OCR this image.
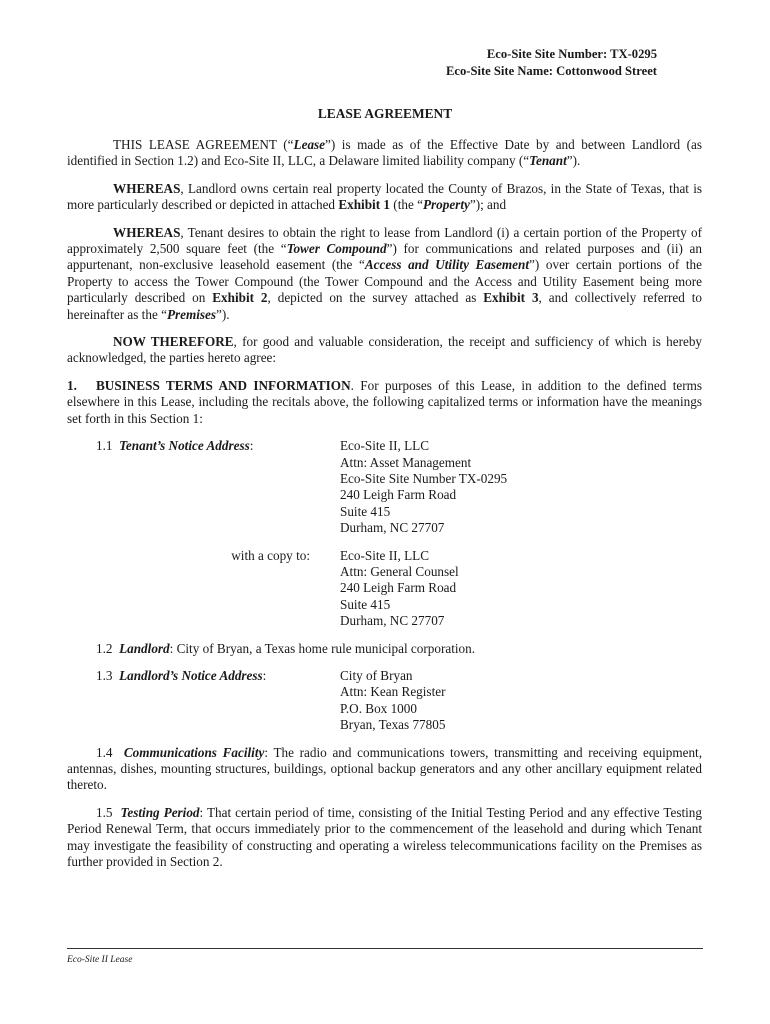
Eco-Site Site Number: TX-0295
Eco-Site Site Name: Cottonwood Street
LEASE AGREEMENT

THIS LEASE AGREEMENT (“Lease”) is made as of the Effective Date by and between Landlord (as identified in Section 1.2) and Eco-Site II, LLC, a Delaware limited liability company (“Tenant”).

WHEREAS, Landlord owns certain real property located the County of Brazos, in the State of Texas, that is more particularly described or depicted in attached Exhibit 1 (the “Property”); and

WHEREAS, Tenant desires to obtain the right to lease from Landlord (i) a certain portion of the Property of approximately 2,500 square feet (the “Tower Compound”) for communications and related purposes and (ii) an appurtenant, non-exclusive leasehold easement (the “Access and Utility Easement”) over certain portions of the Property to access the Tower Compound (the Tower Compound and the Access and Utility Easement being more particularly described on Exhibit 2, depicted on the survey attached as Exhibit 3, and collectively referred to hereinafter as the “Premises”).

NOW THEREFORE, for good and valuable consideration, the receipt and sufficiency of which is hereby acknowledged, the parties hereto agree:

1. BUSINESS TERMS AND INFORMATION. For purposes of this Lease, in addition to the defined terms elsewhere in this Lease, including the recitals above, the following capitalized terms or information have the meanings set forth in this Section 1:

1.1 Tenant’s Notice Address:	Eco-Site II, LLC
Attn: Asset Management
Eco-Site Site Number TX-0295
240 Leigh Farm Road
Suite 415
Durham, NC 27707
with a copy to:	Eco-Site II, LLC
Attn: General Counsel
240 Leigh Farm Road
Suite 415
Durham, NC 27707

1.2 Landlord: City of Bryan, a Texas home rule municipal corporation.

1.3 Landlord’s Notice Address:	City of Bryan
Attn: Kean Register
P.O. Box 1000
Bryan, Texas 77805

1.4 Communications Facility: The radio and communications towers, transmitting and receiving equipment, antennas, dishes, mounting structures, buildings, optional backup generators and any other ancillary equipment related thereto.

1.5 Testing Period: That certain period of time, consisting of the Initial Testing Period and any effective Testing Period Renewal Term, that occurs immediately prior to the commencement of the leasehold and during which Tenant may investigate the feasibility of constructing and operating a wireless telecommunications facility on the Premises as further provided in Section 2.

Eco-Site II Lease
